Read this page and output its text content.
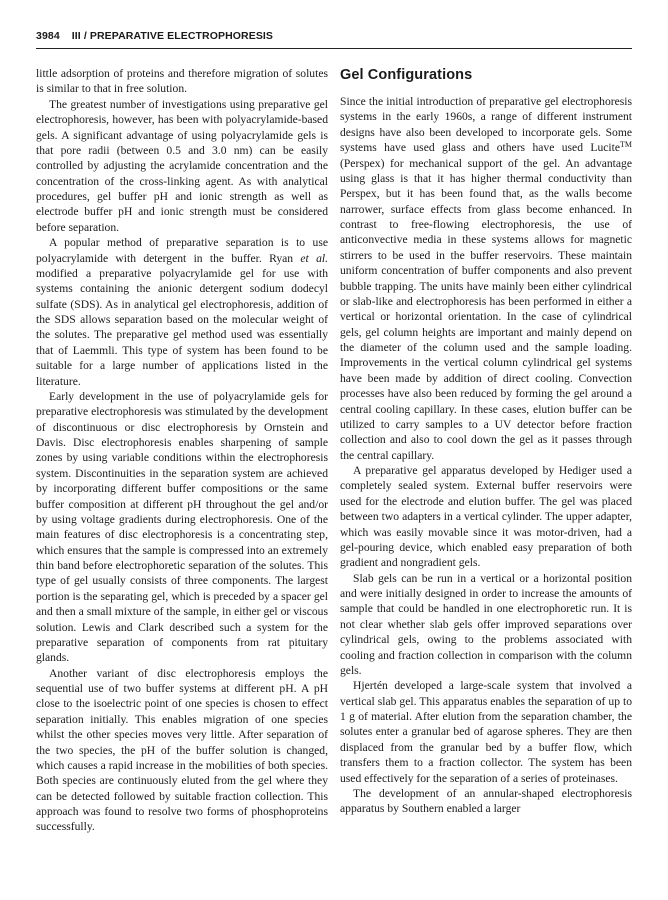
3984 III / PREPARATIVE ELECTROPHORESIS

little adsorption of proteins and therefore migration of solutes is similar to that in free solution.

The greatest number of investigations using preparative gel electrophoresis, however, has been with polyacrylamide-based gels. A significant advantage of using polyacrylamide gels is that pore radii (between 0.5 and 3.0 nm) can be easily controlled by adjusting the acrylamide concentration and the concentration of the cross-linking agent. As with analytical procedures, gel buffer pH and ionic strength as well as electrode buffer pH and ionic strength must be considered before separation.

A popular method of preparative separation is to use polyacrylamide with detergent in the buffer. Ryan et al. modified a preparative polyacrylamide gel for use with systems containing the anionic detergent sodium dodecyl sulfate (SDS). As in analytical gel electrophoresis, addition of the SDS allows separation based on the molecular weight of the solutes. The preparative gel method used was essentially that of Laemmli. This type of system has been found to be suitable for a large number of applications listed in the literature.

Early development in the use of polyacrylamide gels for preparative electrophoresis was stimulated by the development of discontinuous or disc electrophoresis by Ornstein and Davis. Disc electrophoresis enables sharpening of sample zones by using variable conditions within the electrophoresis system. Discontinuities in the separation system are achieved by incorporating different buffer compositions or the same buffer composition at different pH throughout the gel and/or by using voltage gradients during electrophoresis. One of the main features of disc electrophoresis is a concentrating step, which ensures that the sample is compressed into an extremely thin band before electrophoretic separation of the solutes. This type of gel usually consists of three components. The largest portion is the separating gel, which is preceded by a spacer gel and then a small mixture of the sample, in either gel or viscous solution. Lewis and Clark described such a system for the preparative separation of components from rat pituitary glands.

Another variant of disc electrophoresis employs the sequential use of two buffer systems at different pH. A pH close to the isoelectric point of one species is chosen to effect separation initially. This enables migration of one species whilst the other species moves very little. After separation of the two species, the pH of the buffer solution is changed, which causes a rapid increase in the mobilities of both species. Both species are continuously eluted from the gel where they can be detected followed by suitable fraction collection. This approach was found to resolve two forms of phosphoproteins successfully.

Gel Configurations

Since the initial introduction of preparative gel electrophoresis systems in the early 1960s, a range of different instrument designs have also been developed to incorporate gels. Some systems have used glass and others have used Lucite™ (Perspex) for mechanical support of the gel. An advantage using glass is that it has higher thermal conductivity than Perspex, but it has been found that, as the walls become narrower, surface effects from glass become enhanced. In contrast to free-flowing electrophoresis, the use of anticonvective media in these systems allows for magnetic stirrers to be used in the buffer reservoirs. These maintain uniform concentration of buffer components and also prevent bubble trapping. The units have mainly been either cylindrical or slab-like and electrophoresis has been performed in either a vertical or horizontal orientation. In the case of cylindrical gels, gel column heights are important and mainly depend on the diameter of the column used and the sample loading. Improvements in the vertical column cylindrical gel systems have been made by addition of direct cooling. Convection processes have also been reduced by forming the gel around a central cooling capillary. In these cases, elution buffer can be utilized to carry samples to a UV detector before fraction collection and also to cool down the gel as it passes through the central capillary.

A preparative gel apparatus developed by Hediger used a completely sealed system. External buffer reservoirs were used for the electrode and elution buffer. The gel was placed between two adapters in a vertical cylinder. The upper adapter, which was easily movable since it was motor-driven, had a gel-pouring device, which enabled easy preparation of both gradient and nongradient gels.

Slab gels can be run in a vertical or a horizontal position and were initially designed in order to increase the amounts of sample that could be handled in one electrophoretic run. It is not clear whether slab gels offer improved separations over cylindrical gels, owing to the problems associated with cooling and fraction collection in comparison with the column gels.

Hjertén developed a large-scale system that involved a vertical slab gel. This apparatus enables the separation of up to 1 g of material. After elution from the separation chamber, the solutes enter a granular bed of agarose spheres. They are then displaced from the granular bed by a buffer flow, which transfers them to a fraction collector. The system has been used effectively for the separation of a series of proteinases.

The development of an annular-shaped electrophoresis apparatus by Southern enabled a larger
